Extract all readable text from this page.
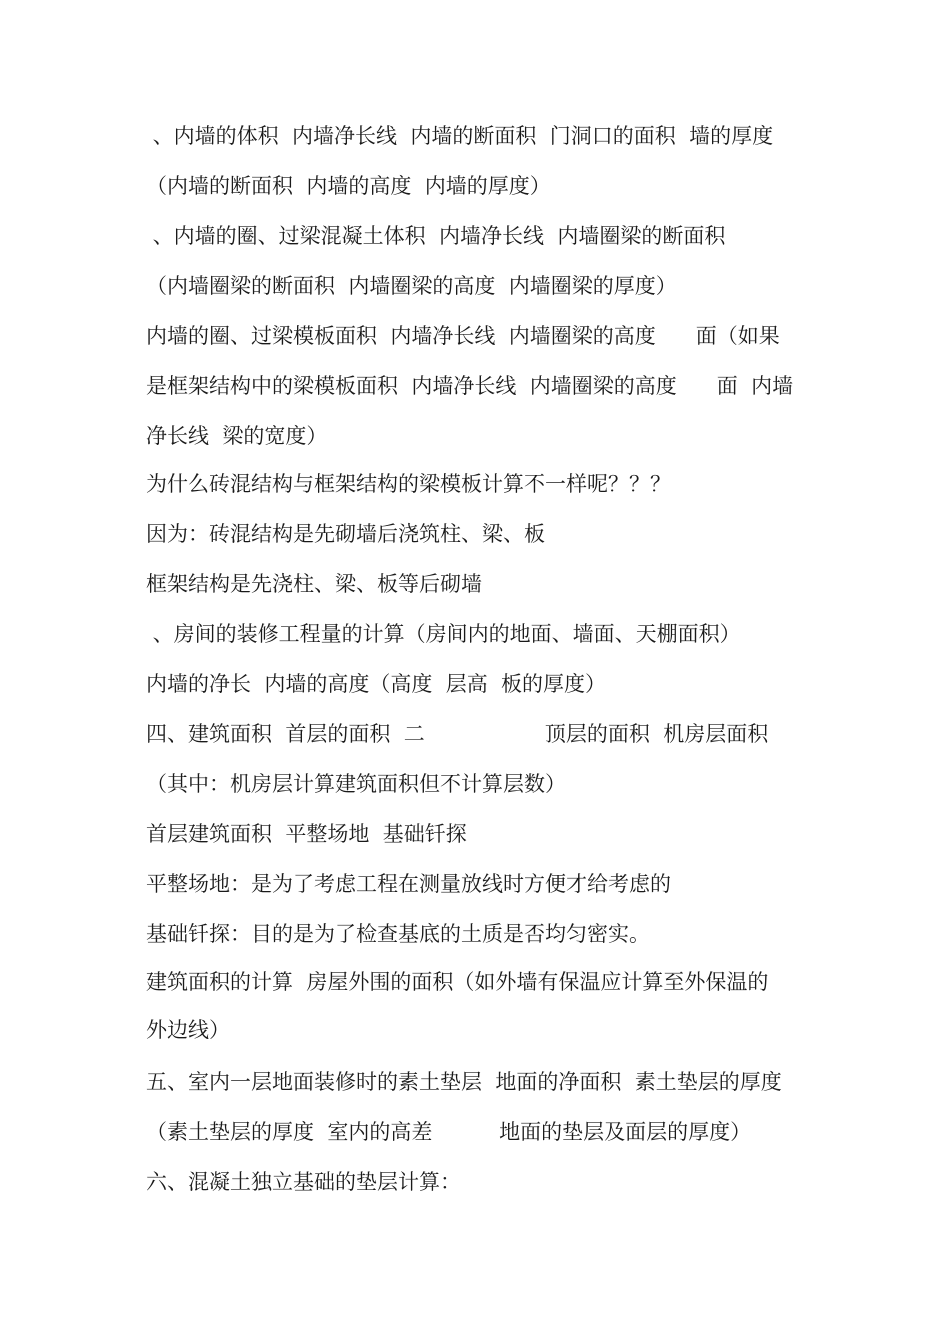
、内墙的体积  内墙净长线  内墙的断面积  门洞口的面积  墙的厚度
（内墙的断面积  内墙的高度  内墙的厚度）
、内墙的圈、过梁混凝土体积  内墙净长线  内墙圈梁的断面积
（内墙圈梁的断面积  内墙圈梁的高度  内墙圈梁的厚度）
内墙的圈、过梁模板面积  内墙净长线  内墙圈梁的高度      面（如果
是框架结构中的梁模板面积  内墙净长线  内墙圈梁的高度      面  内墙
净长线  梁的宽度）
为什么砖混结构与框架结构的梁模板计算不一样呢？？？
因为：砖混结构是先砌墙后浇筑柱、梁、板
框架结构是先浇柱、梁、板等后砌墙
、房间的装修工程量的计算（房间内的地面、墙面、天棚面积）
内墙的净长  内墙的高度（高度  层高  板的厚度）
四、建筑面积  首层的面积  二                  顶层的面积  机房层面积
（其中：机房层计算建筑面积但不计算层数）
首层建筑面积  平整场地  基础钎探
平整场地：是为了考虑工程在测量放线时方便才给考虑的
基础钎探：目的是为了检查基底的土质是否均匀密实。
建筑面积的计算  房屋外围的面积（如外墙有保温应计算至外保温的
外边线）
五、室内一层地面装修时的素土垫层  地面的净面积  素土垫层的厚度
（素土垫层的厚度  室内的高差          地面的垫层及面层的厚度）
六、混凝土独立基础的垫层计算：
